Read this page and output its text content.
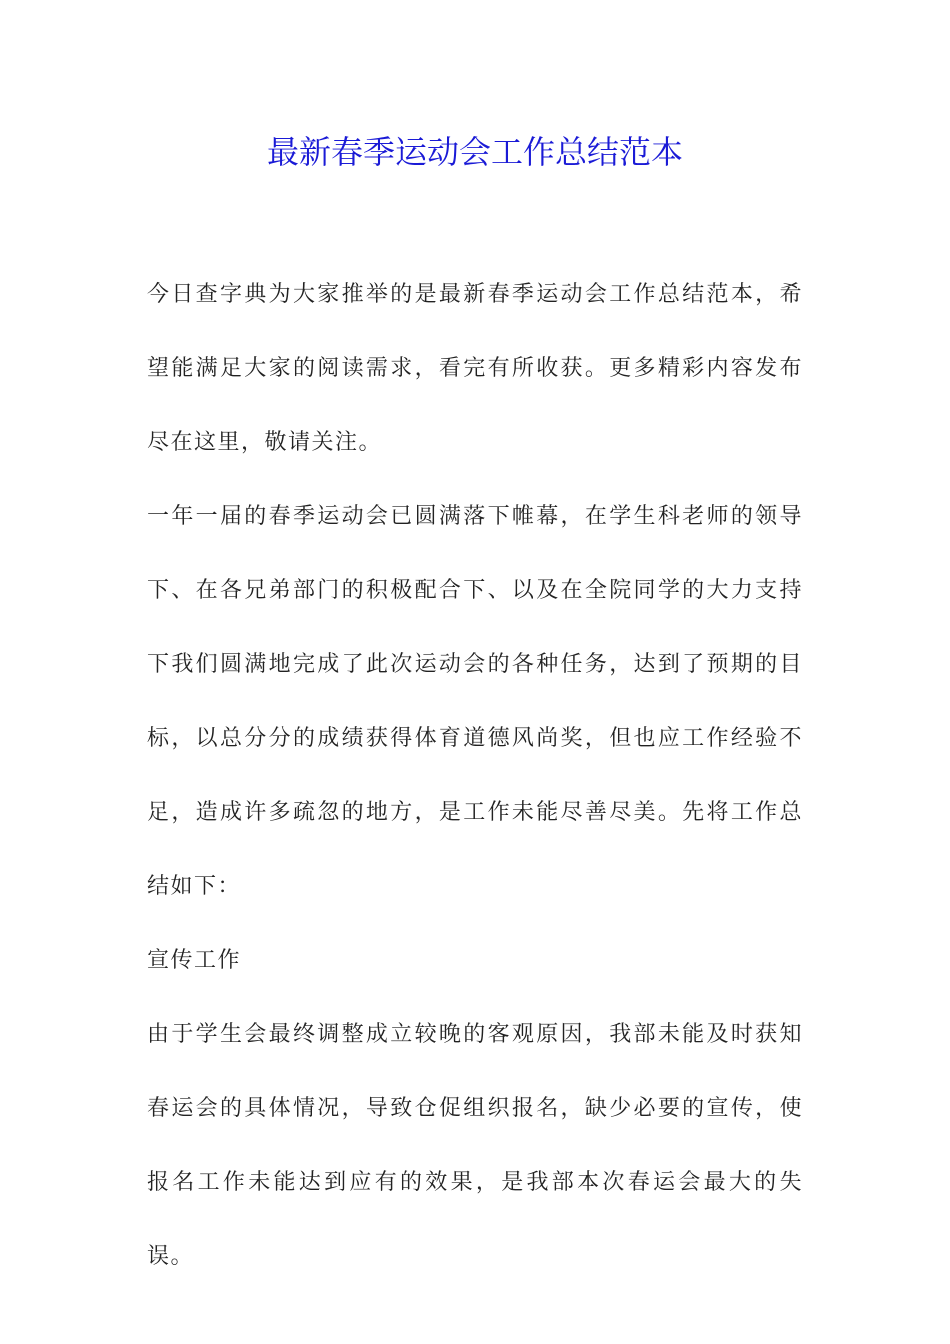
最新春季运动会工作总结范本

今日查字典为大家推举的是最新春季运动会工作总结范本，希望能满足大家的阅读需求，看完有所收获。更多精彩内容发布尽在这里，敬请关注。

一年一届的春季运动会已圆满落下帷幕，在学生科老师的领导下、在各兄弟部门的积极配合下、以及在全院同学的大力支持下我们圆满地完成了此次运动会的各种任务，达到了预期的目标，以总分分的成绩获得体育道德风尚奖，但也应工作经验不足，造成许多疏忽的地方，是工作未能尽善尽美。先将工作总结如下：

宣传工作

由于学生会最终调整成立较晚的客观原因，我部未能及时获知春运会的具体情况，导致仓促组织报名，缺少必要的宣传，使报名工作未能达到应有的效果，是我部本次春运会最大的失误。
